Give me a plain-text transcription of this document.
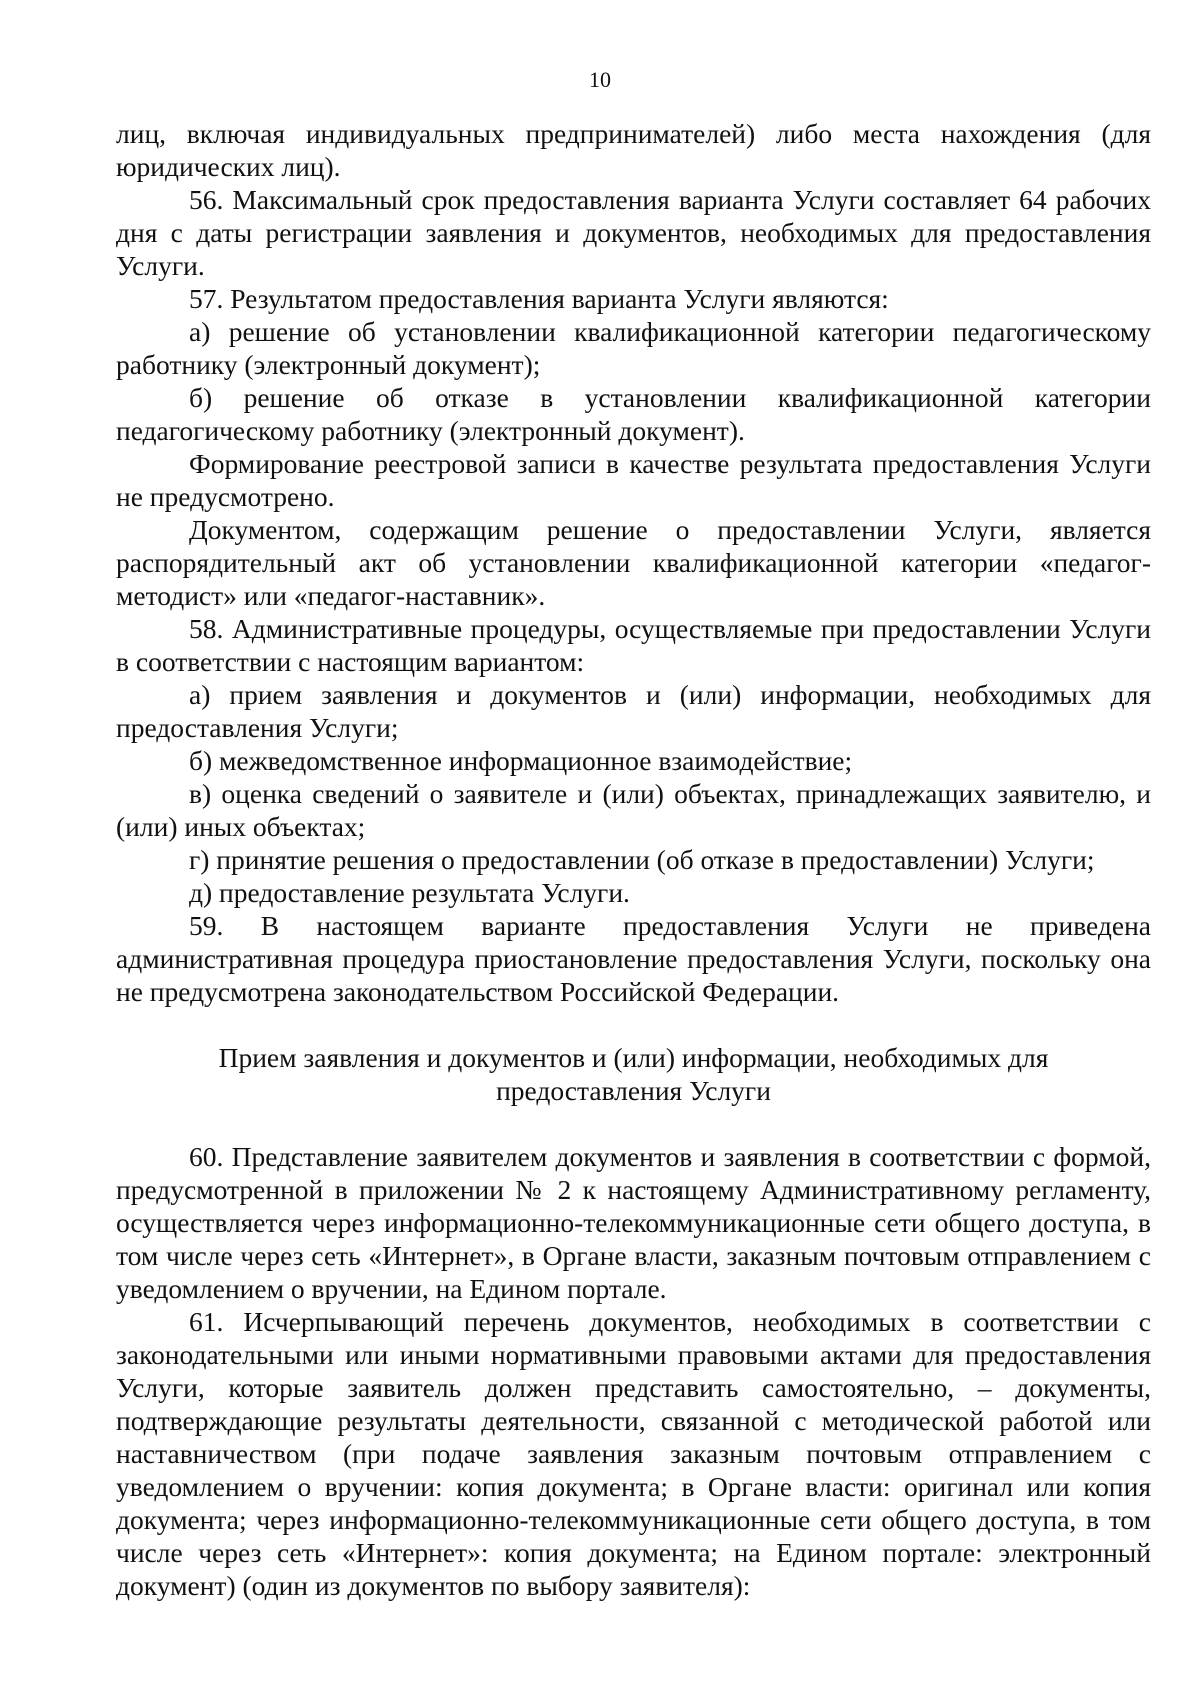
10

лиц, включая индивидуальных предпринимателей) либо места нахождения (для юридических лиц).

56. Максимальный срок предоставления варианта Услуги составляет 64 рабочих дня с даты регистрации заявления и документов, необходимых для предоставления Услуги.

57. Результатом предоставления варианта Услуги являются:

а) решение об установлении квалификационной категории педагогическому работнику (электронный документ);

б) решение об отказе в установлении квалификационной категории педагогическому работнику (электронный документ).

Формирование реестровой записи в качестве результата предоставления Услуги не предусмотрено.

Документом, содержащим решение о предоставлении Услуги, является распорядительный акт об установлении квалификационной категории «педагог-методист» или «педагог-наставник».

58. Административные процедуры, осуществляемые при предоставлении Услуги в соответствии с настоящим вариантом:

а) прием заявления и документов и (или) информации, необходимых для предоставления Услуги;

б) межведомственное информационное взаимодействие;

в) оценка сведений о заявителе и (или) объектах, принадлежащих заявителю, и (или) иных объектах;

г) принятие решения о предоставлении (об отказе в предоставлении) Услуги;

д) предоставление результата Услуги.

59. В настоящем варианте предоставления Услуги не приведена административная процедура приостановление предоставления Услуги, поскольку она не предусмотрена законодательством Российской Федерации.

Прием заявления и документов и (или) информации, необходимых для
предоставления Услуги

60. Представление заявителем документов и заявления в соответствии с формой, предусмотренной в приложении № 2 к настоящему Административному регламенту, осуществляется через информационно-телекоммуникационные сети общего доступа, в том числе через сеть «Интернет», в Органе власти, заказным почтовым отправлением с уведомлением о вручении, на Едином портале.

61. Исчерпывающий перечень документов, необходимых в соответствии с законодательными или иными нормативными правовыми актами для предоставления Услуги, которые заявитель должен представить самостоятельно, – документы, подтверждающие результаты деятельности, связанной с методической работой или наставничеством (при подаче заявления заказным почтовым отправлением с уведомлением о вручении: копия документа; в Органе власти: оригинал или копия документа; через информационно-телекоммуникационные сети общего доступа, в том числе через сеть «Интернет»: копия документа; на Едином портале: электронный документ) (один из документов по выбору заявителя):
